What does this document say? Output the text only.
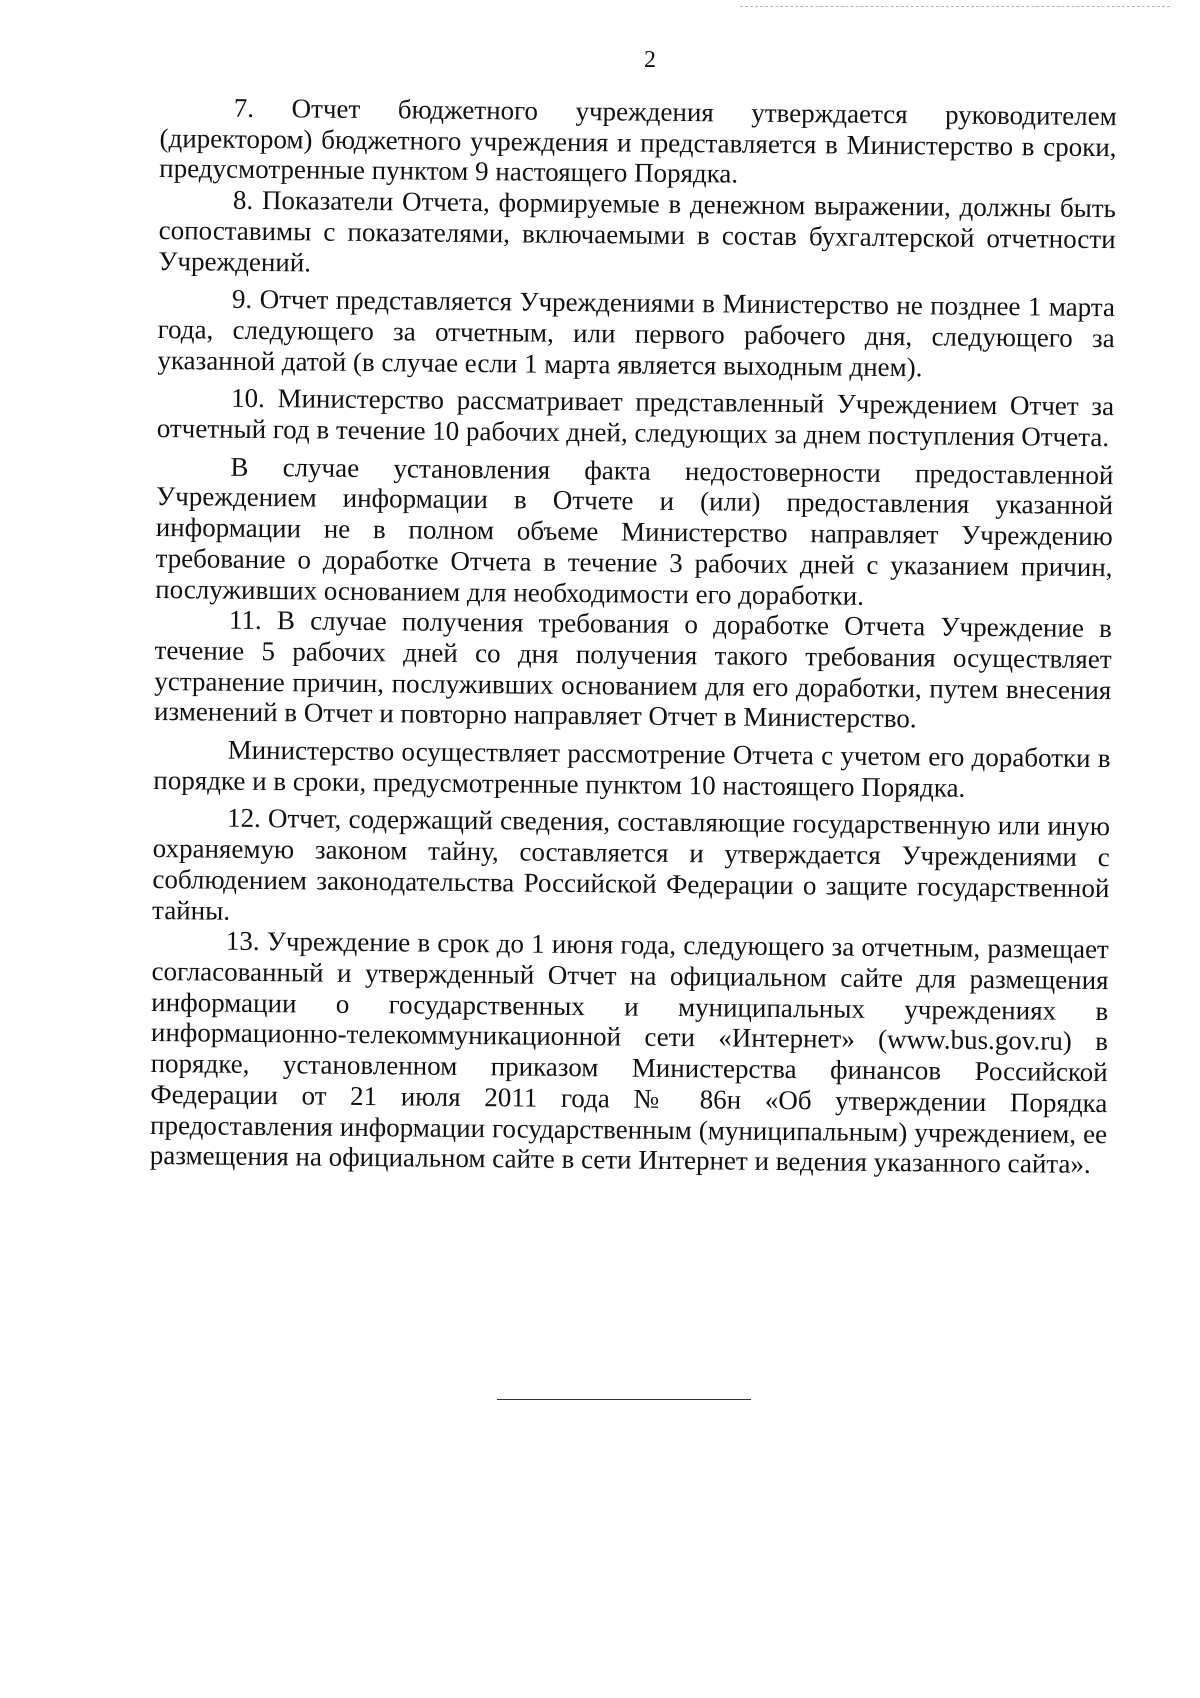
2

7. Отчет бюджетного учреждения утверждается руководителем (директором) бюджетного учреждения и представляется в Министерство в сроки, предусмотренные пунктом 9 настоящего Порядка.

8. Показатели Отчета, формируемые в денежном выражении, должны быть сопоставимы с показателями, включаемыми в состав бухгалтерской отчетности Учреждений.

9. Отчет представляется Учреждениями в Министерство не позднее 1 марта года, следующего за отчетным, или первого рабочего дня, следующего за указанной датой (в случае если 1 марта является выходным днем).

10. Министерство рассматривает представленный Учреждением Отчет за отчетный год в течение 10 рабочих дней, следующих за днем поступления Отчета.

В случае установления факта недостоверности предоставленной Учреждением информации в Отчете и (или) предоставления указанной информации не в полном объеме Министерство направляет Учреждению требование о доработке Отчета в течение 3 рабочих дней с указанием причин, послуживших основанием для необходимости его доработки.

11. В случае получения требования о доработке Отчета Учреждение в течение 5 рабочих дней со дня получения такого требования осуществляет устранение причин, послуживших основанием для его доработки, путем внесения изменений в Отчет и повторно направляет Отчет в Министерство.

Министерство осуществляет рассмотрение Отчета с учетом его доработки в порядке и в сроки, предусмотренные пунктом 10 настоящего Порядка.

12. Отчет, содержащий сведения, составляющие государственную или иную охраняемую законом тайну, составляется и утверждается Учреждениями с соблюдением законодательства Российской Федерации о защите государственной тайны.

13. Учреждение в срок до 1 июня года, следующего за отчетным, размещает согласованный и утвержденный Отчет на официальном сайте для размещения информации о государственных и муниципальных учреждениях в информационно-телекоммуникационной сети «Интернет» (www.bus.gov.ru) в порядке, установленном приказом Министерства финансов Российской Федерации от 21 июля 2011 года № 86н «Об утверждении Порядка предоставления информации государственным (муниципальным) учреждением, ее размещения на официальном сайте в сети Интернет и ведения указанного сайта».
